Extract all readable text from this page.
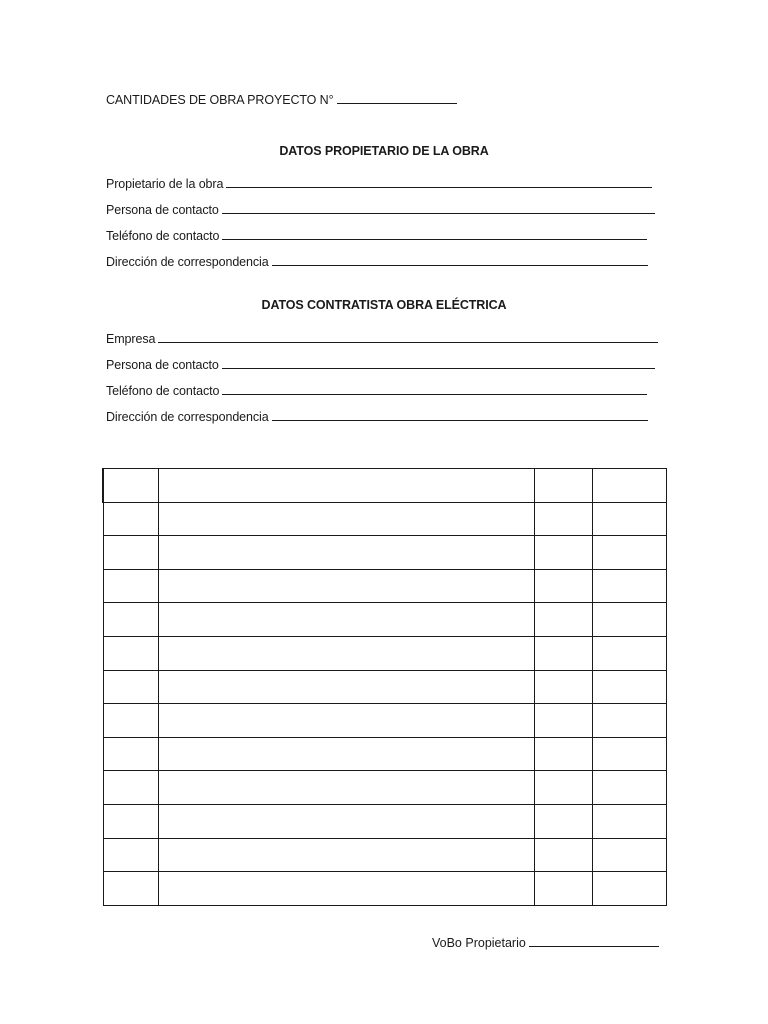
CANTIDADES DE OBRA PROYECTO N°
DATOS PROPIETARIO DE LA OBRA
Propietario de la obra
Persona de contacto
Teléfono de contacto
Dirección de correspondencia
DATOS CONTRATISTA OBRA ELÉCTRICA
Empresa
Persona de contacto
Teléfono de contacto
Dirección de correspondencia

VoBo Propietario
